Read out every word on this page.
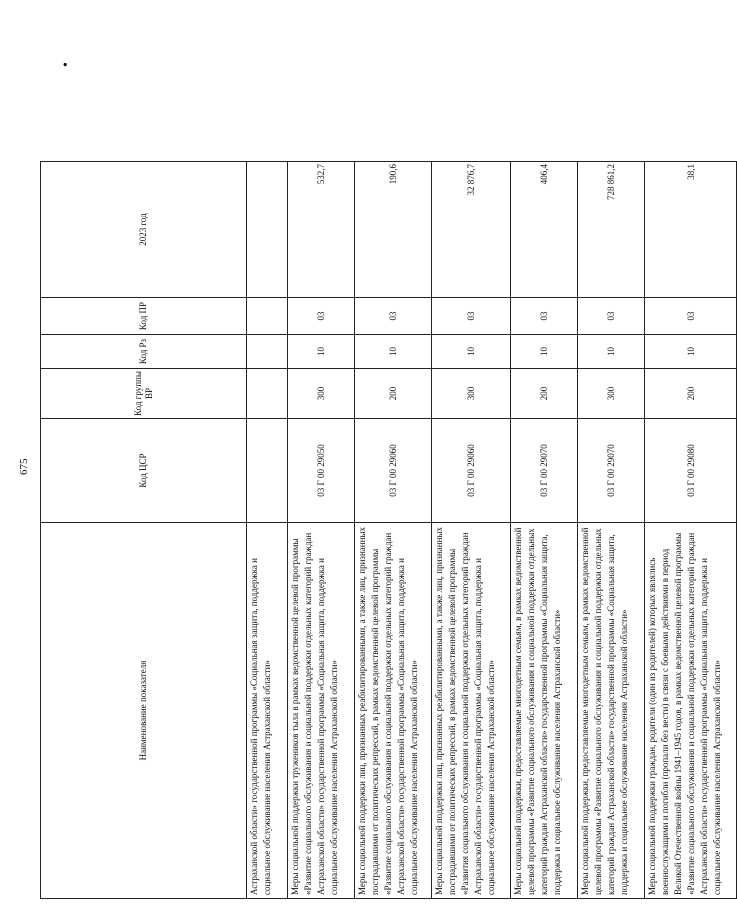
675
•
Наименование показателя	Код ЦСР	Код группы ВР	Код Рз	Код ПР	2023 год
Астраханской области» государственной программы «Социальная защита, поддержка и социальное обслуживание населения Астраханской области»					
Меры социальной поддержки тружеников тыла в рамках ведомственной целевой программы «Развитие социального обслуживания и социальной поддержки отдельных категорий граждан Астраханской области» государственной программы «Социальная защита, поддержка и социальное обслуживание населения Астраханской области»	03 Г 00 29050	300	10	03	532,7
Меры социальной поддержки лиц, признанных реабилитированными, а также лиц, признанных пострадавшими от политических репрессий, в рамках ведомственной целевой программы «Развитие социального обслуживания и социальной поддержки отдельных категорий граждан Астраханской области» государственной программы «Социальная защита, поддержка и социальное обслуживание населения Астраханской области»	03 Г 00 29060	200	10	03	190,6
Меры социальной поддержки лиц, признанных реабилитированными, а также лиц, признанных пострадавшими от политических репрессий, в рамках ведомственной целевой программы «Развития социального обслуживания и социальной поддержки отдельных категорий граждан Астраханской области» государственной программы «Социальная защита, поддержка и социальное обслуживание населения Астраханской области»	03 Г 00 29060	300	10	03	32 876,7
Меры социальной поддержки, предоставляемые многодетным семьям, в рамках ведомственной целевой программы «Развитие социального обслуживания и социальной поддержки отдельных категорий граждан Астраханской области» государственной программы «Социальная защита, поддержка и социальное обслуживание населения Астраханской области»	03 Г 00 29070	200	10	03	406,4
Меры социальной поддержки, предоставляемые многодетным семьям, в рамках ведомственной целевой программы «Развитие социального обслуживания и социальной поддержки отдельных категорий граждан Астраханской области» государственной программы «Социальная защита, поддержка и социальное обслуживание населения Астраханской области»	03 Г 00 29070	300	10	03	728 861,2
Меры социальной поддержки граждан, родители (один из родителей) которых являлись военнослужащими и погибли (пропали без вести) в связи с боевыми действиями в период Великой Отечественной войны 1941–1945 годов, в рамках ведомственной целевой программы «Развитие социального обслуживания и социальной поддержки отдельных категорий граждан Астраханской области» государственной программы «Социальная защита, поддержка и социальное обслуживание населения Астраханской области»	03 Г 00 29080	200	10	03	38,1
